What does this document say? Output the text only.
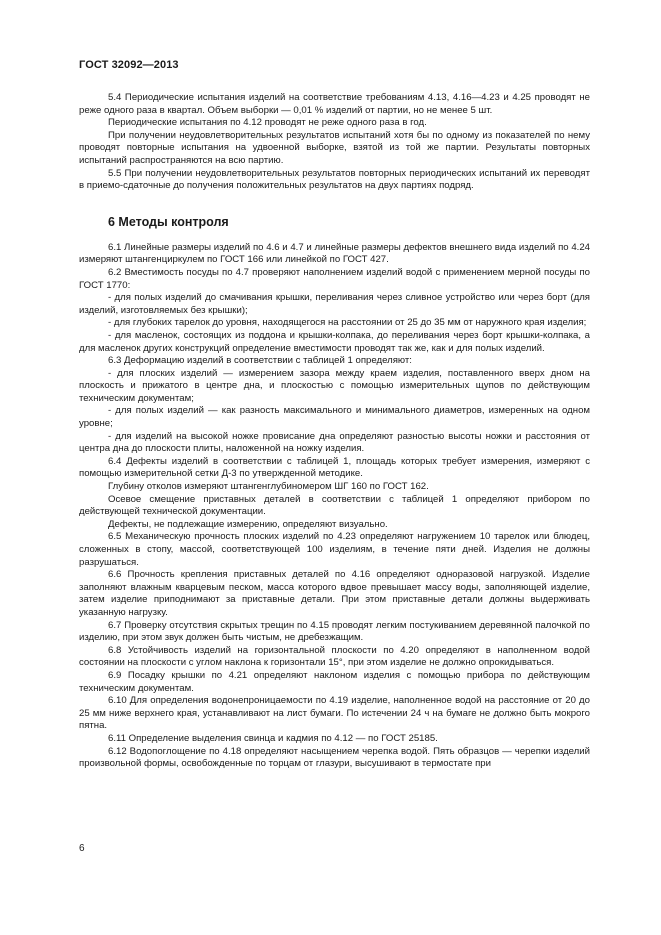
ГОСТ 32092—2013

5.4 Периодические испытания изделий на соответствие требованиям 4.13, 4.16—4.23 и 4.25 проводят не реже одного раза в квартал. Объем выборки — 0,01 % изделий от партии, но не менее 5 шт.

Периодические испытания по 4.12 проводят не реже одного раза в год.

При получении неудовлетворительных результатов испытаний хотя бы по одному из показателей по нему проводят повторные испытания на удвоенной выборке, взятой из той же партии. Результаты повторных испытаний распространяются на всю партию.

5.5 При получении неудовлетворительных результатов повторных периодических испытаний их переводят в приемо-сдаточные до получения положительных результатов на двух партиях подряд.

6 Методы контроля

6.1 Линейные размеры изделий по 4.6 и 4.7 и линейные размеры дефектов внешнего вида изделий по 4.24 измеряют штангенциркулем по ГОСТ 166 или линейкой по ГОСТ 427.

6.2 Вместимость посуды по 4.7 проверяют наполнением изделий водой с применением мерной посуды по ГОСТ 1770:

- для полых изделий до смачивания крышки, переливания через сливное устройство или через борт (для изделий, изготовляемых без крышки);

- для глубоких тарелок до уровня, находящегося на расстоянии от 25 до 35 мм от наружного края изделия;

- для масленок, состоящих из поддона и крышки-колпака, до переливания через борт крышки-колпака, а для масленок других конструкций определение вместимости проводят так же, как и для полых изделий.

6.3 Деформацию изделий в соответствии с таблицей 1 определяют:

- для плоских изделий — измерением зазора между краем изделия, поставленного вверх дном на плоскость и прижатого в центре дна, и плоскостью с помощью измерительных щупов по действующим техническим документам;

- для полых изделий — как разность максимального и минимального диаметров, измеренных на одном уровне;

- для изделий на высокой ножке провисание дна определяют разностью высоты ножки и расстояния от центра дна до плоскости плиты, наложенной на ножку изделия.

6.4 Дефекты изделий в соответствии с таблицей 1, площадь которых требует измерения, измеряют с помощью измерительной сетки Д-3 по утвержденной методике.

Глубину отколов измеряют штангенглубиномером ШГ 160 по ГОСТ 162.

Осевое смещение приставных деталей в соответствии с таблицей 1 определяют прибором по действующей технической документации.

Дефекты, не подлежащие измерению, определяют визуально.

6.5 Механическую прочность плоских изделий по 4.23 определяют нагружением 10 тарелок или блюдец, сложенных в стопу, массой, соответствующей 100 изделиям, в течение пяти дней. Изделия не должны разрушаться.

6.6 Прочность крепления приставных деталей по 4.16 определяют одноразовой нагрузкой. Изделие заполняют влажным кварцевым песком, масса которого вдвое превышает массу воды, заполняющей изделие, затем изделие приподнимают за приставные детали. При этом приставные детали должны выдерживать указанную нагрузку.

6.7 Проверку отсутствия скрытых трещин по 4.15 проводят легким постукиванием деревянной палочкой по изделию, при этом звук должен быть чистым, не дребезжащим.

6.8 Устойчивость изделий на горизонтальной плоскости по 4.20 определяют в наполненном водой состоянии на плоскости с углом наклона к горизонтали 15°, при этом изделие не должно опрокидываться.

6.9 Посадку крышки по 4.21 определяют наклоном изделия с помощью прибора по действующим техническим документам.

6.10 Для определения водонепроницаемости по 4.19 изделие, наполненное водой на расстояние от 20 до 25 мм ниже верхнего края, устанавливают на лист бумаги. По истечении 24 ч на бумаге не должно быть мокрого пятна.

6.11 Определение выделения свинца и кадмия по 4.12 — по ГОСТ 25185.

6.12 Водопоглощение по 4.18 определяют насыщением черепка водой. Пять образцов — черепки изделий произвольной формы, освобожденные по торцам от глазури, высушивают в термостате при

6
